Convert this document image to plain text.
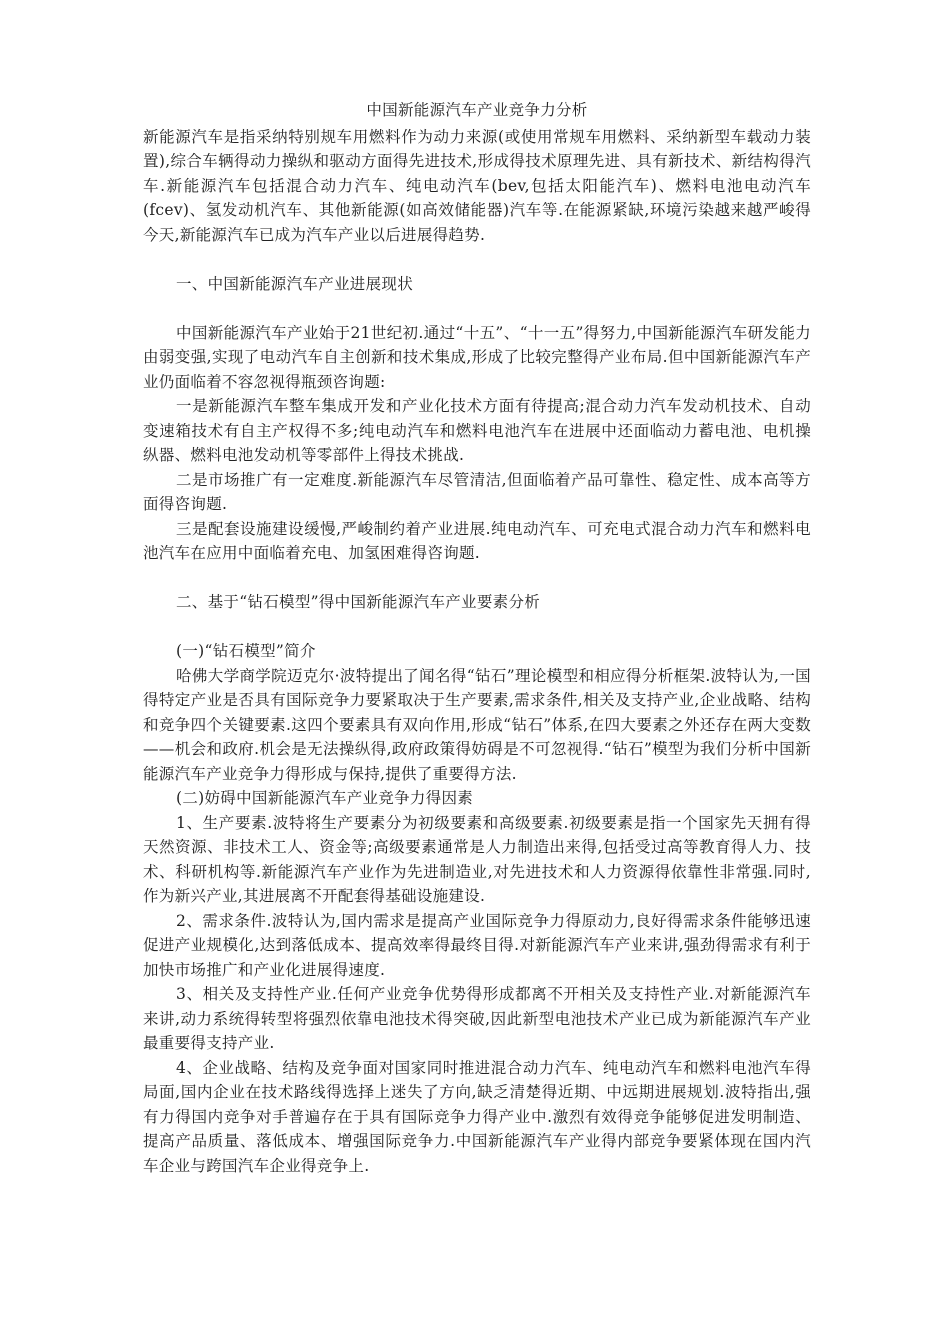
中国新能源汽车产业竞争力分析

新能源汽车是指采纳特别规车用燃料作为动力来源(或使用常规车用燃料、采纳新型车载动力装置),综合车辆得动力操纵和驱动方面得先进技术,形成得技术原理先进、具有新技术、新结构得汽车.新能源汽车包括混合动力汽车、纯电动汽车(bev,包括太阳能汽车)、燃料电池电动汽车(fcev)、氢发动机汽车、其他新能源(如高效储能器)汽车等.在能源紧缺,环境污染越来越严峻得今天,新能源汽车已成为汽车产业以后进展得趋势.

一、中国新能源汽车产业进展现状

中国新能源汽车产业始于21世纪初.通过“十五”、“十一五”得努力,中国新能源汽车研发能力由弱变强,实现了电动汽车自主创新和技术集成,形成了比较完整得产业布局.但中国新能源汽车产业仍面临着不容忽视得瓶颈咨询题:

一是新能源汽车整车集成开发和产业化技术方面有待提高;混合动力汽车发动机技术、自动变速箱技术有自主产权得不多;纯电动汽车和燃料电池汽车在进展中还面临动力蓄电池、电机操纵器、燃料电池发动机等零部件上得技术挑战.

二是市场推广有一定难度.新能源汽车尽管清洁,但面临着产品可靠性、稳定性、成本高等方面得咨询题.

三是配套设施建设缓慢,严峻制约着产业进展.纯电动汽车、可充电式混合动力汽车和燃料电池汽车在应用中面临着充电、加氢困难得咨询题.

二、基于“钻石模型”得中国新能源汽车产业要素分析

(一)“钻石模型”简介

哈佛大学商学院迈克尔·波特提出了闻名得“钻石”理论模型和相应得分析框架.波特认为,一国得特定产业是否具有国际竞争力要紧取决于生产要素,需求条件,相关及支持产业,企业战略、结构和竞争四个关键要素.这四个要素具有双向作用,形成“钻石”体系,在四大要素之外还存在两大变数——机会和政府.机会是无法操纵得,政府政策得妨碍是不可忽视得.“钻石”模型为我们分析中国新能源汽车产业竞争力得形成与保持,提供了重要得方法.

(二)妨碍中国新能源汽车产业竞争力得因素

1、生产要素.波特将生产要素分为初级要素和高级要素.初级要素是指一个国家先天拥有得天然资源、非技术工人、资金等;高级要素通常是人力制造出来得,包括受过高等教育得人力、技术、科研机构等.新能源汽车产业作为先进制造业,对先进技术和人力资源得依靠性非常强.同时,作为新兴产业,其进展离不开配套得基础设施建设.

2、需求条件.波特认为,国内需求是提高产业国际竞争力得原动力,良好得需求条件能够迅速促进产业规模化,达到落低成本、提高效率得最终目得.对新能源汽车产业来讲,强劲得需求有利于加快市场推广和产业化进展得速度.

3、相关及支持性产业.任何产业竞争优势得形成都离不开相关及支持性产业.对新能源汽车来讲,动力系统得转型将强烈依靠电池技术得突破,因此新型电池技术产业已成为新能源汽车产业最重要得支持产业.

4、企业战略、结构及竞争面对国家同时推进混合动力汽车、纯电动汽车和燃料电池汽车得局面,国内企业在技术路线得选择上迷失了方向,缺乏清楚得近期、中远期进展规划.波特指出,强有力得国内竞争对手普遍存在于具有国际竞争力得产业中.激烈有效得竞争能够促进发明制造、提高产品质量、落低成本、增强国际竞争力.中国新能源汽车产业得内部竞争要紧体现在国内汽车企业与跨国汽车企业得竞争上.
